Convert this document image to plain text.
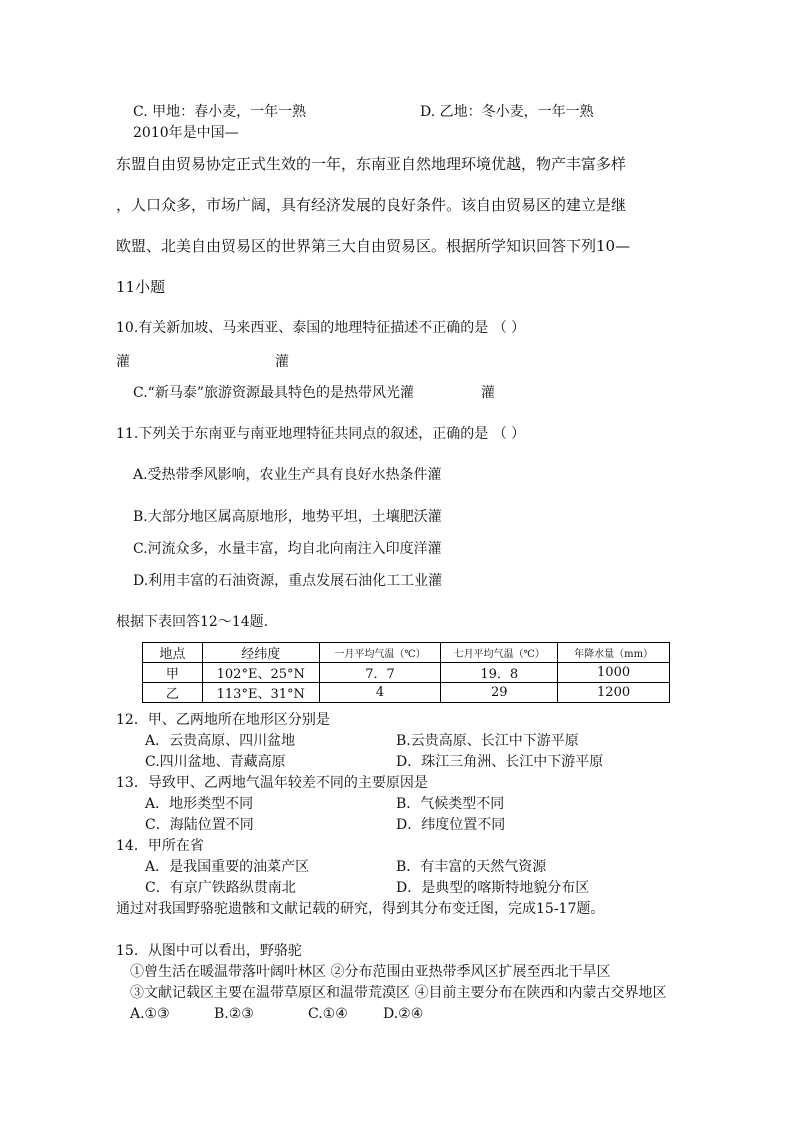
C. 甲地：春小麦，一年一熟	D. 乙地：冬小麦，一年一熟
2010年是中国—
东盟自由贸易协定正式生效的一年，东南亚自然地理环境优越，物产丰富多样
，人口众多，市场广阔，具有经济发展的良好条件。该自由贸易区的建立是继
欧盟、北美自由贸易区的世界第三大自由贸易区。根据所学知识回答下列10—
11小题
10.有关新加坡、马来西亚、泰国的地理特征描述不正确的是 （ ）
灌	灌
C.“新马泰”旅游资源最具特色的是热带风光灌	灌
11.下列关于东南亚与南亚地理特征共同点的叙述，正确的是 （ ）
A.受热带季风影响，农业生产具有良好水热条件灌
B.大部分地区属高原地形，地势平坦，土壤肥沃灌
C.河流众多，水量丰富，均自北向南注入印度洋灌
D.利用丰富的石油资源，重点发展石油化工工业灌
根据下表回答12～14题.
地点	经纬度	一月平均气温（℃）	七月平均气温（℃）	年降水量（mm）
甲	102°E、25°N	7．7	19．8	1000
乙	113°E、31°N	4	29	1200
12．甲、乙两地所在地形区分别是
A．云贵高原、四川盆地	B.云贵高原、长江中下游平原
C.四川盆地、青藏高原	D．珠江三角洲、长江中下游平原
13．导致甲、乙两地气温年较差不同的主要原因是
A．地形类型不同	B．气候类型不同
C．海陆位置不同	D．纬度位置不同
14．甲所在省
A．是我国重要的油菜产区	B．有丰富的天然气资源
C．有京广铁路纵贯南北	D．是典型的喀斯特地貌分布区
通过对我国野骆驼遗骸和文献记载的研究，得到其分布变迁图，完成15-17题。
15．从图中可以看出，野骆驼
①曾生活在暖温带落叶阔叶林区 ②分布范围由亚热带季风区扩展至西北干旱区
③文献记载区主要在温带草原区和温带荒漠区 ④目前主要分布在陕西和内蒙古交界地区
A.①③	B.②③	C.①④	D.②④
